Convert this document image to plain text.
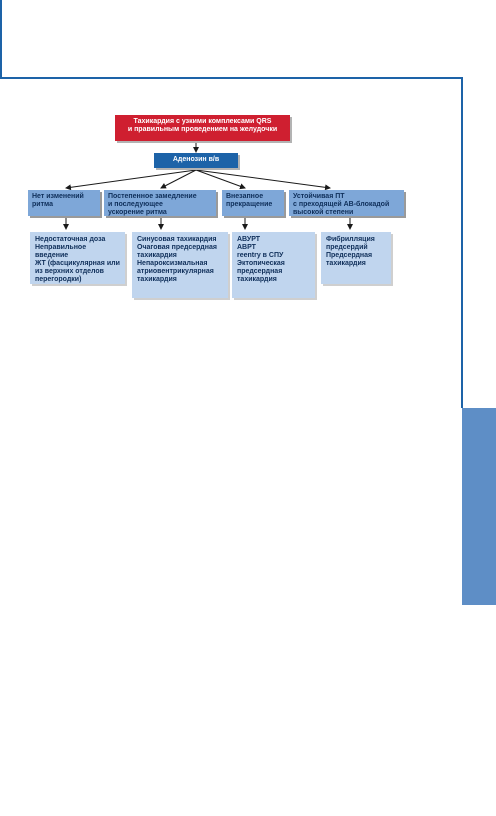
Тахикардия с узкими комплексами QRS
и правильным проведением на желудочки
Аденозин в/в
Нет изменений
ритма
Постепенное замедление
и последующее
ускорение ритма
Внезапное
прекращение
Устойчивая ПТ
с преходящей АВ-блокадой
высокой степени
Недостаточная доза
Неправильное введение
ЖТ (фасцикулярная или
из верхних отделов
перегородки)
Синусовая тахикардия
Очаговая предсердная
тахикардия
Непароксизмальная
атриовентрикулярная
тахикардия
АВУРТ
АВРТ
reentry в СПУ
Эктопическая
предсердная
тахикардия
Фибрилляция
предсердий
Предсердная
тахикардия
